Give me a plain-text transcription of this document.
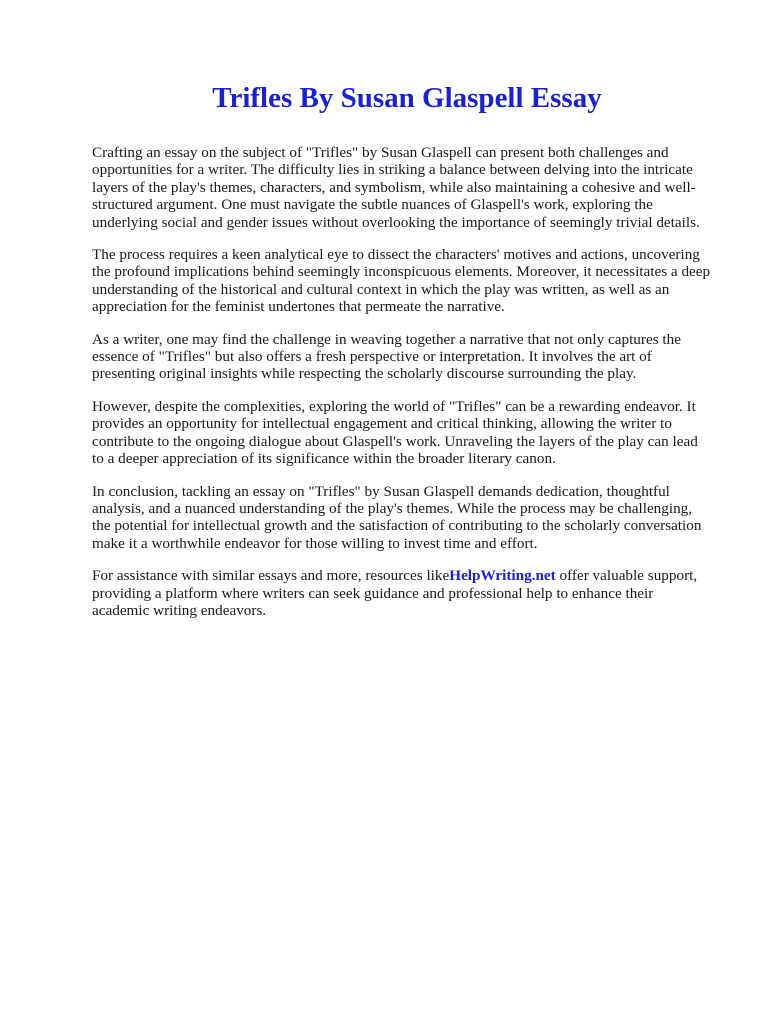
Trifles By Susan Glaspell Essay

Crafting an essay on the subject of "Trifles" by Susan Glaspell can present both challenges and
opportunities for a writer. The difficulty lies in striking a balance between delving into the intricate
layers of the play's themes, characters, and symbolism, while also maintaining a cohesive and well-
structured argument. One must navigate the subtle nuances of Glaspell's work, exploring the
underlying social and gender issues without overlooking the importance of seemingly trivial details.

The process requires a keen analytical eye to dissect the characters' motives and actions, uncovering
the profound implications behind seemingly inconspicuous elements. Moreover, it necessitates a deep
understanding of the historical and cultural context in which the play was written, as well as an
appreciation for the feminist undertones that permeate the narrative.

As a writer, one may find the challenge in weaving together a narrative that not only captures the
essence of "Trifles" but also offers a fresh perspective or interpretation. It involves the art of
presenting original insights while respecting the scholarly discourse surrounding the play.

However, despite the complexities, exploring the world of "Trifles" can be a rewarding endeavor. It
provides an opportunity for intellectual engagement and critical thinking, allowing the writer to
contribute to the ongoing dialogue about Glaspell's work. Unraveling the layers of the play can lead
to a deeper appreciation of its significance within the broader literary canon.

In conclusion, tackling an essay on "Trifles" by Susan Glaspell demands dedication, thoughtful
analysis, and a nuanced understanding of the play's themes. While the process may be challenging,
the potential for intellectual growth and the satisfaction of contributing to the scholarly conversation
make it a worthwhile endeavor for those willing to invest time and effort.

For assistance with similar essays and more, resources likeHelpWriting.net offer valuable support,
providing a platform where writers can seek guidance and professional help to enhance their
academic writing endeavors.
